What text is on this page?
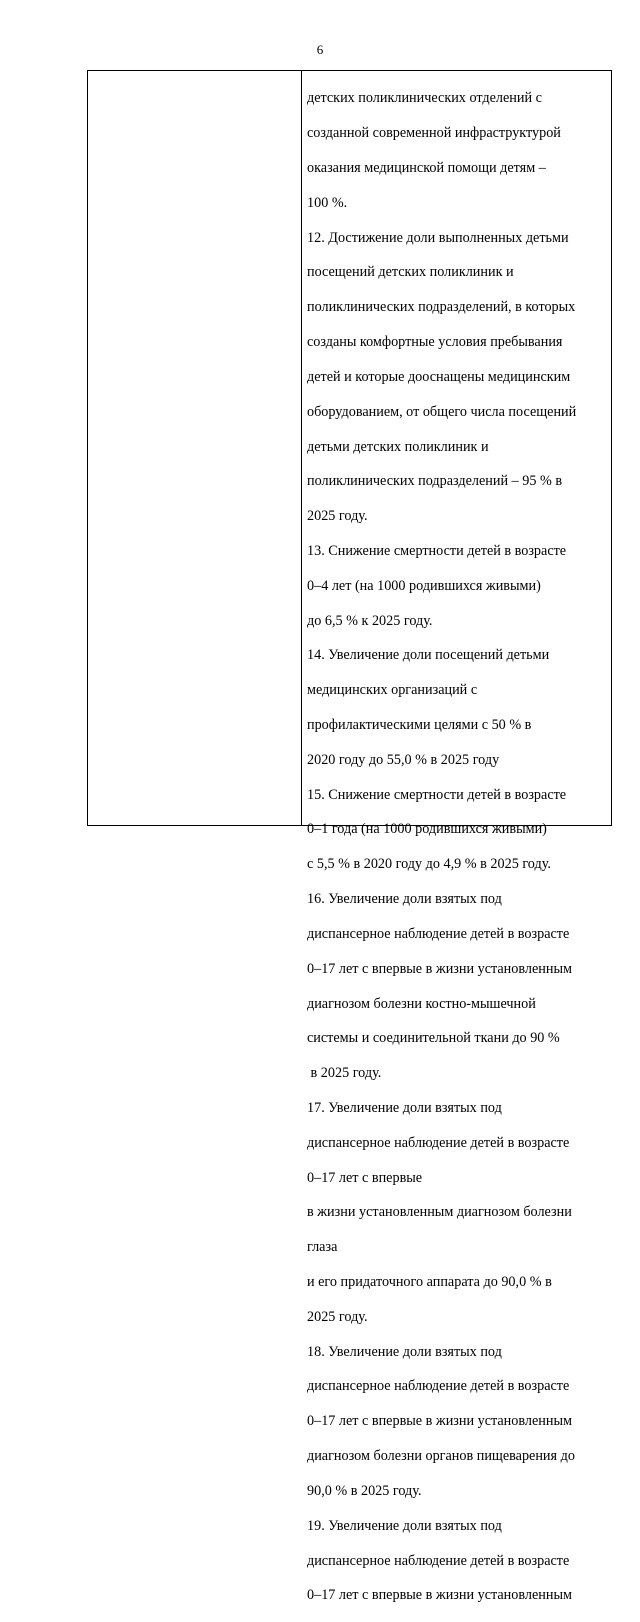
6

детских поликлинических отделений с

созданной современной инфраструктурой

оказания медицинской помощи детям –

100 %.

12. Достижение доли выполненных детьми

посещений детских поликлиник и

поликлинических подразделений, в которых

созданы комфортные условия пребывания

детей и которые дооснащены медицинским

оборудованием, от общего числа посещений

детьми детских поликлиник и

поликлинических подразделений – 95 % в

2025 году.

13. Снижение смертности детей в возрасте

0–4 лет (на 1000 родившихся живыми)

до 6,5 % к 2025 году.

14. Увеличение доли посещений детьми

медицинских организаций с

профилактическими целями с 50 % в

2020 году до 55,0 % в 2025 году

15. Снижение смертности детей в возрасте

0–1 года (на 1000 родившихся живыми)

с 5,5 % в 2020 году до 4,9 % в 2025 году.

16. Увеличение доли взятых под

диспансерное наблюдение детей в возрасте

0–17 лет с впервые в жизни установленным

диагнозом болезни костно-мышечной

системы и соединительной ткани до 90 %

в 2025 году.

17. Увеличение доли взятых под

диспансерное наблюдение детей в возрасте

0–17 лет с впервые

в жизни установленным диагнозом болезни

глаза

и его придаточного аппарата до 90,0 % в

2025 году.

18. Увеличение доли взятых под

диспансерное наблюдение детей в возрасте

0–17 лет с впервые в жизни установленным

диагнозом болезни органов пищеварения до

90,0 % в 2025 году.

19. Увеличение доли взятых под

диспансерное наблюдение детей в возрасте

0–17 лет с впервые в жизни установленным
